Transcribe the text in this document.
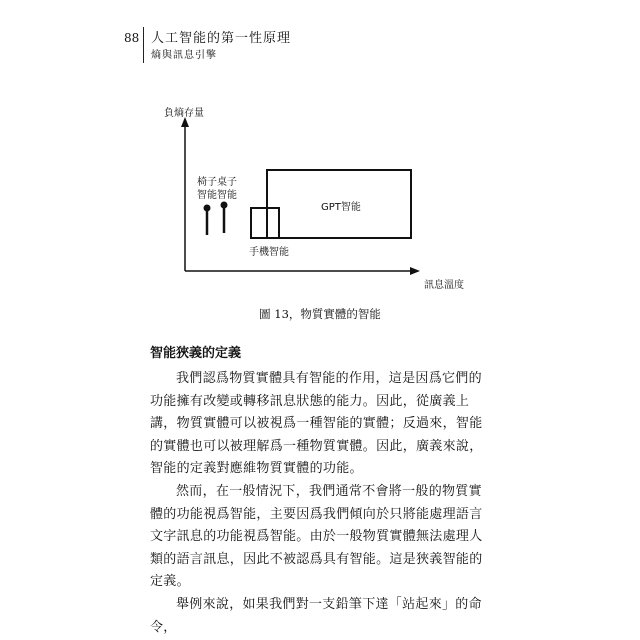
88 人工智能的第一性原理
熵與訊息引擎
負熵存量
訊息溫度
椅子
智能
桌子
智能
GPT智能
手機智能
圖 13，物質實體的智能
智能狹義的定義

我們認爲物質實體具有智能的作用，這是因爲它們的功能擁有改變或轉移訊息狀態的能力。因此，從廣義上講，物質實體可以被視爲一種智能的實體；反過來，智能的實體也可以被理解爲一種物質實體。因此，廣義來說，智能的定義對應維物質實體的功能。

然而，在一般情況下，我們通常不會將一般的物質實體的功能視爲智能，主要因爲我們傾向於只將能處理語言文字訊息的功能視爲智能。由於一般物質實體無法處理人類的語言訊息，因此不被認爲具有智能。這是狹義智能的定義。

舉例來說，如果我們對一支鉛筆下達「站起來」的命令，
